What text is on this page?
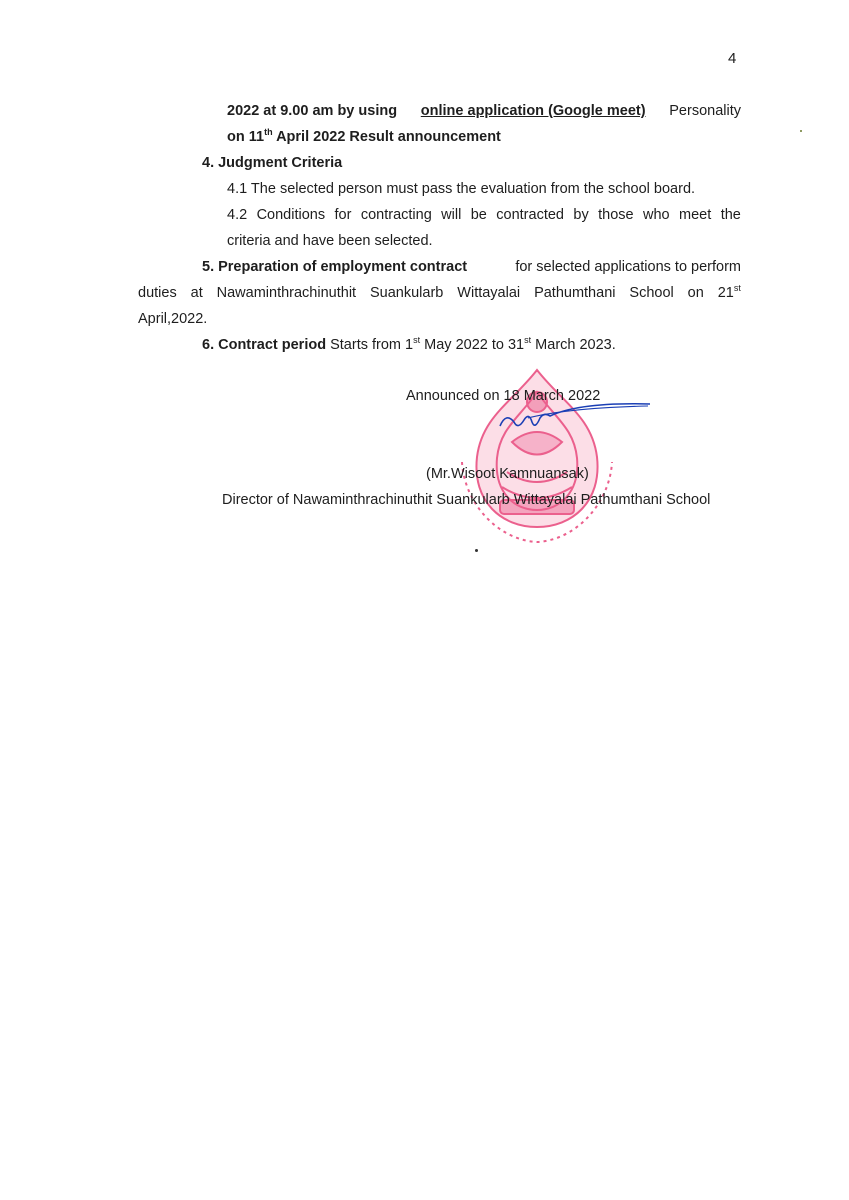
4
2022 at 9.00 am by using online application (Google meet) Personality
on 11th April 2022 Result announcement
4. Judgment Criteria
4.1 The selected person must pass the evaluation from the school board.
4.2 Conditions for contracting will be contracted by those who meet the
criteria and have been selected.
5. Preparation of employment contract	for selected applications to perform
duties at Nawaminthrachinuthit Suankularb Wittayalai Pathumthani School on 21st
April,2022.
6. Contract period Starts from 1st May 2022 to 31st March 2023.
Announced on 18 March 2022
(Mr.Wisoot Kamnuansak)
Director of Nawaminthrachinuthit Suankularb Wittayalai Pathumthani School
